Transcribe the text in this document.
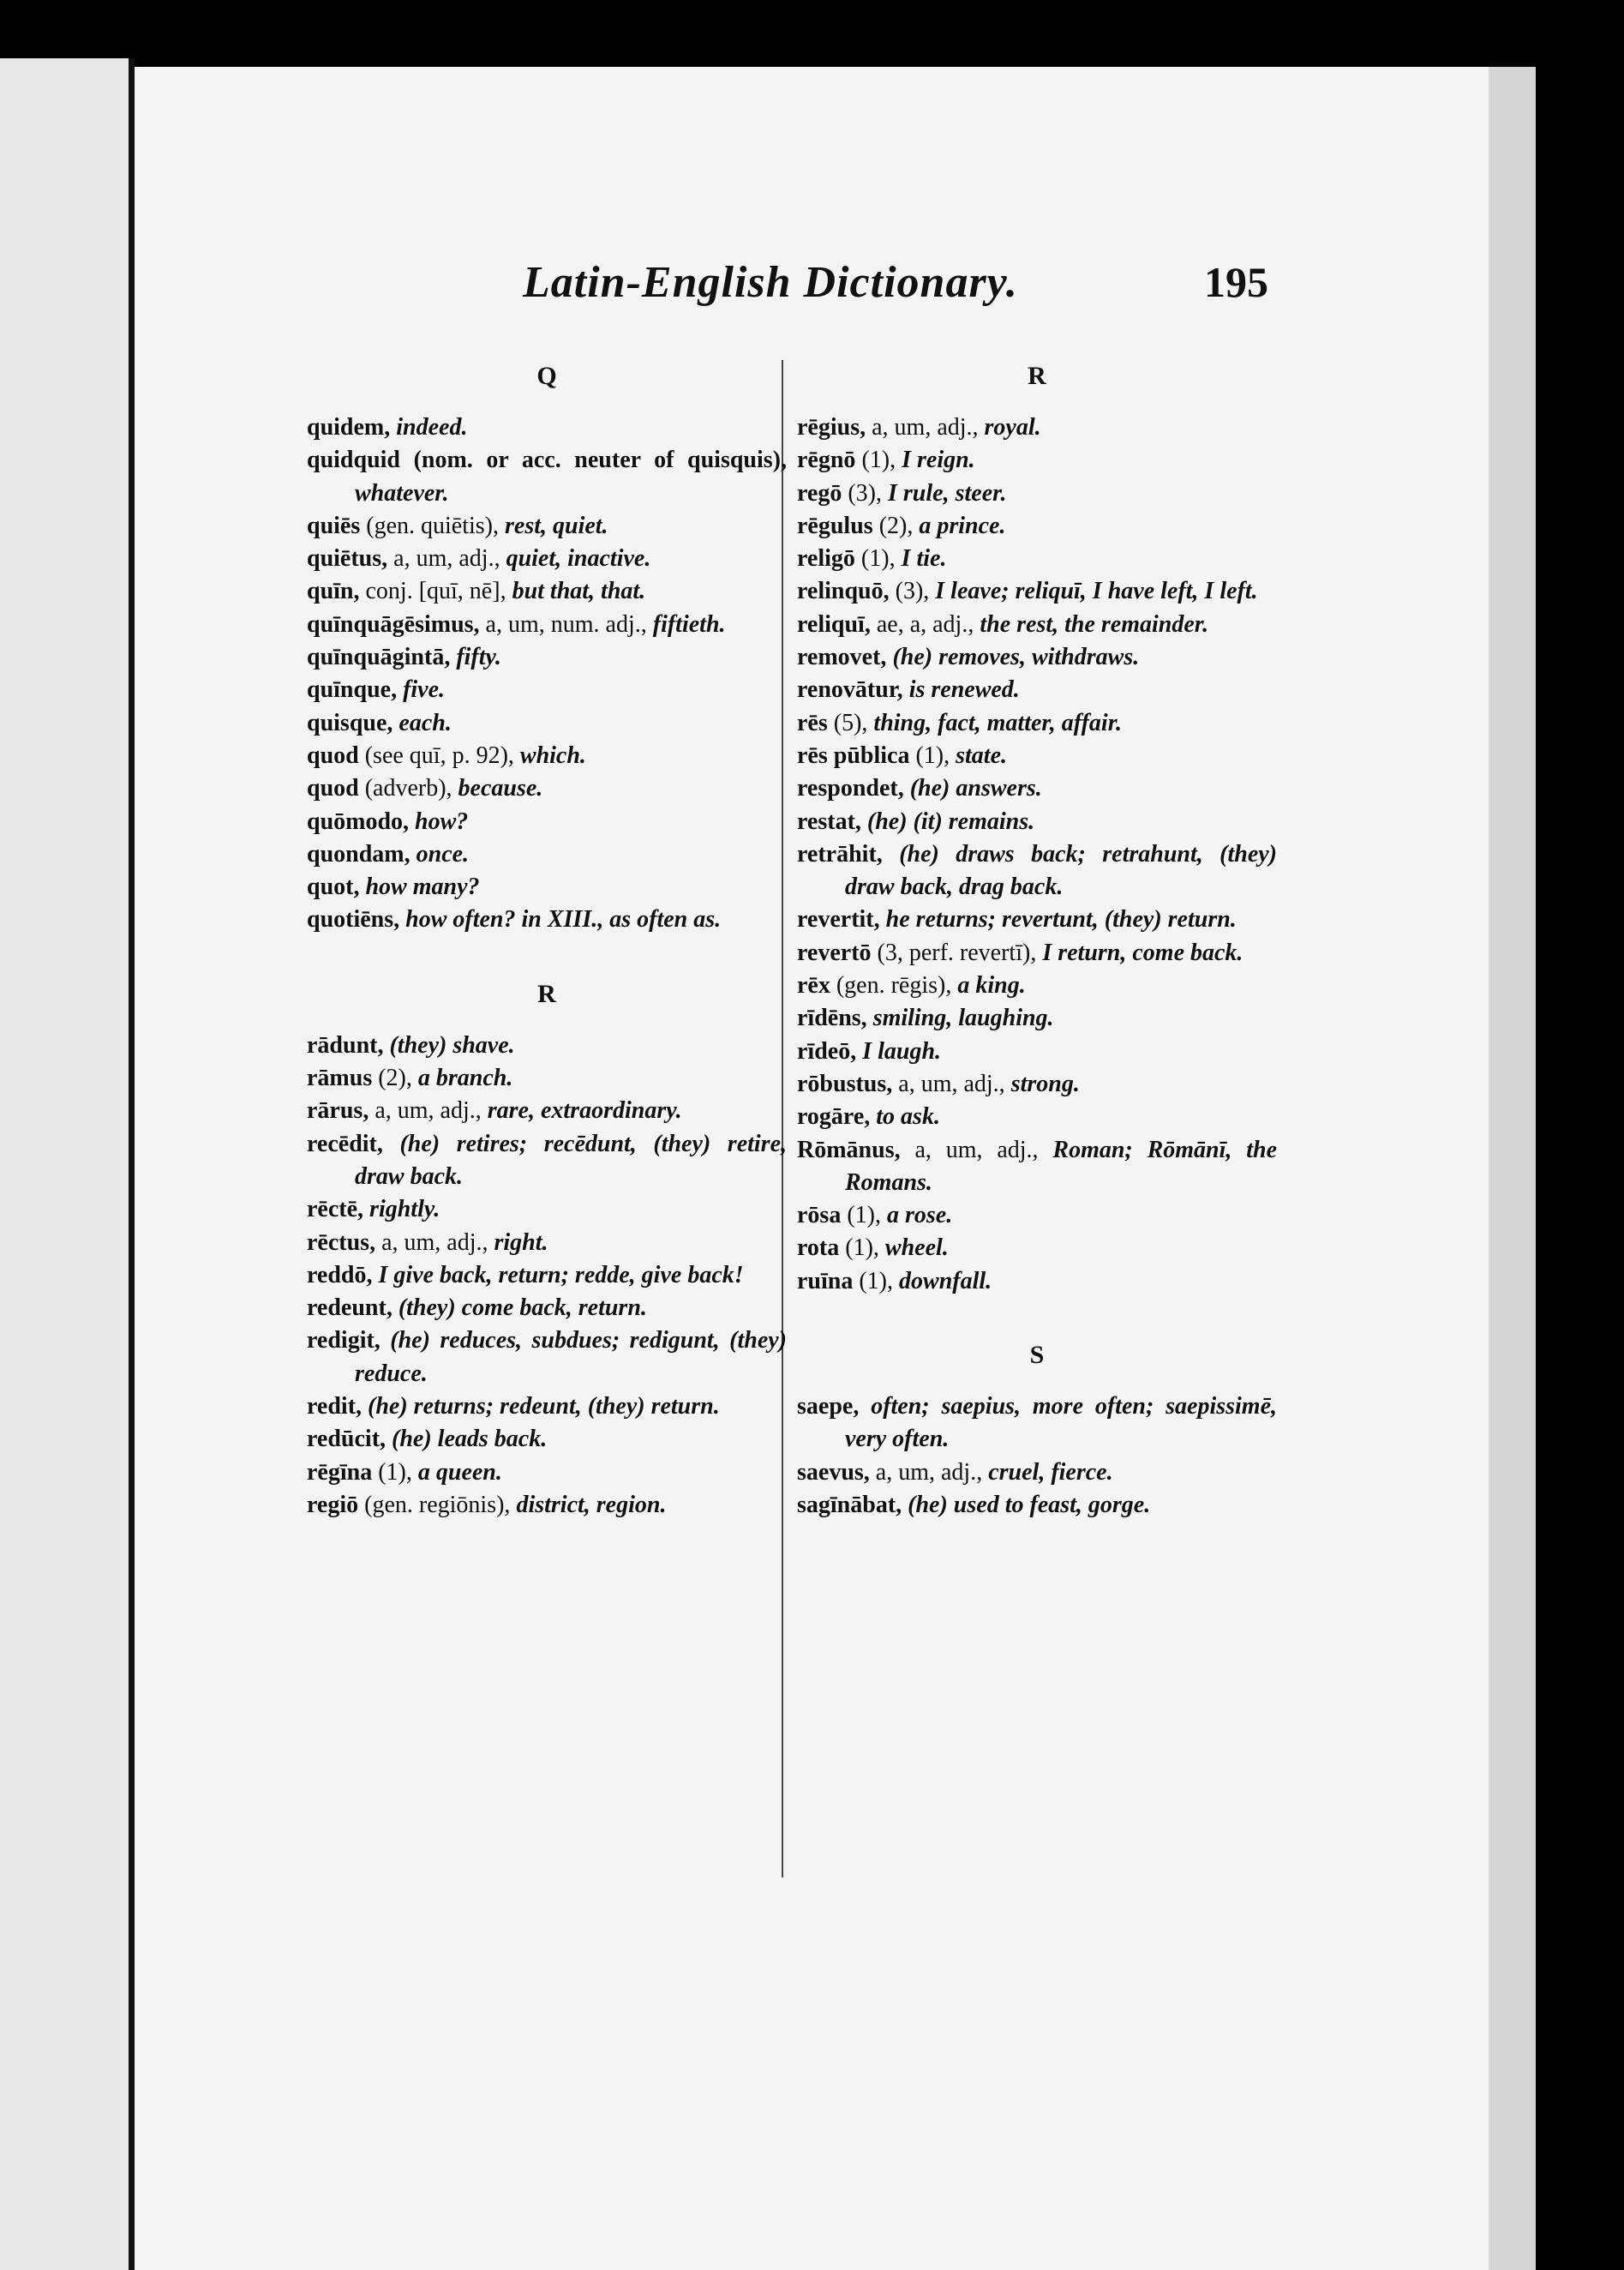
Latin-English Dictionary.	195
Q
quidem, indeed.
quidquid (nom. or acc. neuter of quisquis), whatever.
quiēs (gen. quiētis), rest, quiet.
quiētus, a, um, adj., quiet, inactive.
quīn, conj. [quī, nē], but that, that.
quīnquāgēsimus, a, um, num. adj., fiftieth.
quīnquāgintā, fifty.
quīnque, five.
quisque, each.
quod (see quī, p. 92), which.
quod (adverb), because.
quōmodo, how?
quondam, once.
quot, how many?
quotiēns, how often? in XIII., as often as.
R
rādunt, (they) shave.
rāmus (2), a branch.
rārus, a, um, adj., rare, extraordinary.
recēdit, (he) retires; recēdunt, (they) retire, draw back.
rēctē, rightly.
rēctus, a, um, adj., right.
reddō, I give back, return; redde, give back!
redeunt, (they) come back, return.
redigit, (he) reduces, subdues; redigunt, (they) reduce.
redit, (he) returns; redeunt, (they) return.
redūcit, (he) leads back.
rēgīna (1), a queen.
regiō (gen. regiōnis), district, region.
R
rēgius, a, um, adj., royal.
rēgnō (1), I reign.
regō (3), I rule, steer.
rēgulus (2), a prince.
religō (1), I tie.
relinquō, (3), I leave; reliquī, I have left, I left.
reliquī, ae, a, adj., the rest, the remainder.
removet, (he) removes, withdraws.
renovātur, is renewed.
rēs (5), thing, fact, matter, affair.
rēs pūblica (1), state.
respondet, (he) answers.
restat, (he) (it) remains.
retrāhit, (he) draws back; retrahunt, (they) draw back, drag back.
revertit, he returns; revertunt, (they) return.
revertō (3, perf. revertī), I return, come back.
rēx (gen. rēgis), a king.
rīdēns, smiling, laughing.
rīdeō, I laugh.
rōbustus, a, um, adj., strong.
rogāre, to ask.
Rōmānus, a, um, adj., Roman; Rōmānī, the Romans.
rōsa (1), a rose.
rota (1), wheel.
ruīna (1), downfall.
S
saepe, often; saepius, more often; saepissimē, very often.
saevus, a, um, adj., cruel, fierce.
sagīnābat, (he) used to feast, gorge.
